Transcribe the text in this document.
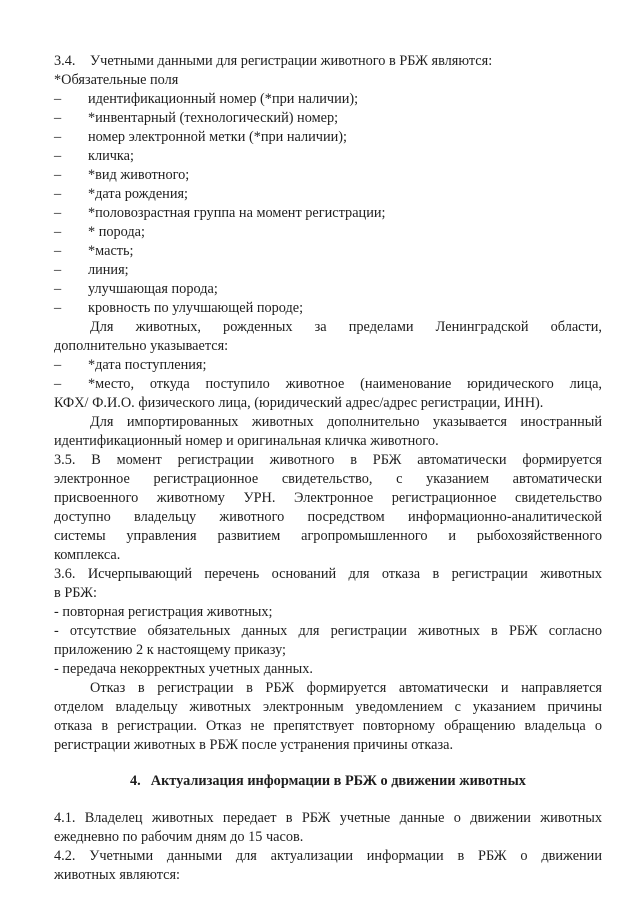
3.4. Учетными данными для регистрации животного в РБЖ являются:
*Обязательные поля
–	идентификационный номер (*при наличии);
–	*инвентарный (технологический) номер;
–	номер электронной метки (*при наличии);
–	кличка;
–	*вид животного;
–	*дата рождения;
–	*половозрастная группа на момент регистрации;
–	* порода;
–	*масть;
–	линия;
–	улучшающая порода;
–	кровность по улучшающей породе;
Для животных, рожденных за пределами Ленинградской области,
дополнительно указывается:
–	*дата поступления;
–	*место, откуда поступило животное (наименование юридического лица,
КФХ/ Ф.И.О. физического лица, (юридический адрес/адрес регистрации, ИНН).
Для импортированных животных дополнительно указывается иностранный
идентификационный номер и оригинальная кличка животного.
3.5. В момент регистрации животного в РБЖ автоматически формируется
электронное регистрационное свидетельство, с указанием автоматически
присвоенного животному УРН. Электронное регистрационное свидетельство
доступно владельцу животного посредством информационно-аналитической
системы управления развитием агропромышленного и рыбохозяйственного
комплекса.
3.6. Исчерпывающий перечень оснований для отказа в регистрации животных
в РБЖ:
- повторная регистрация животных;
- отсутствие обязательных данных для регистрации животных в РБЖ согласно
приложению 2 к настоящему приказу;
- передача некорректных учетных данных.
Отказ в регистрации в РБЖ формируется автоматически и направляется
отделом владельцу животных электронным уведомлением с указанием причины
отказа в регистрации. Отказ не препятствует повторному обращению владельца о
регистрации животных в РБЖ после устранения причины отказа.
4. Актуализация информации в РБЖ о движении животных
4.1. Владелец животных передает в РБЖ учетные данные о движении животных
ежедневно по рабочим дням до 15 часов.
4.2. Учетными данными для актуализации информации в РБЖ о движении
животных являются:
